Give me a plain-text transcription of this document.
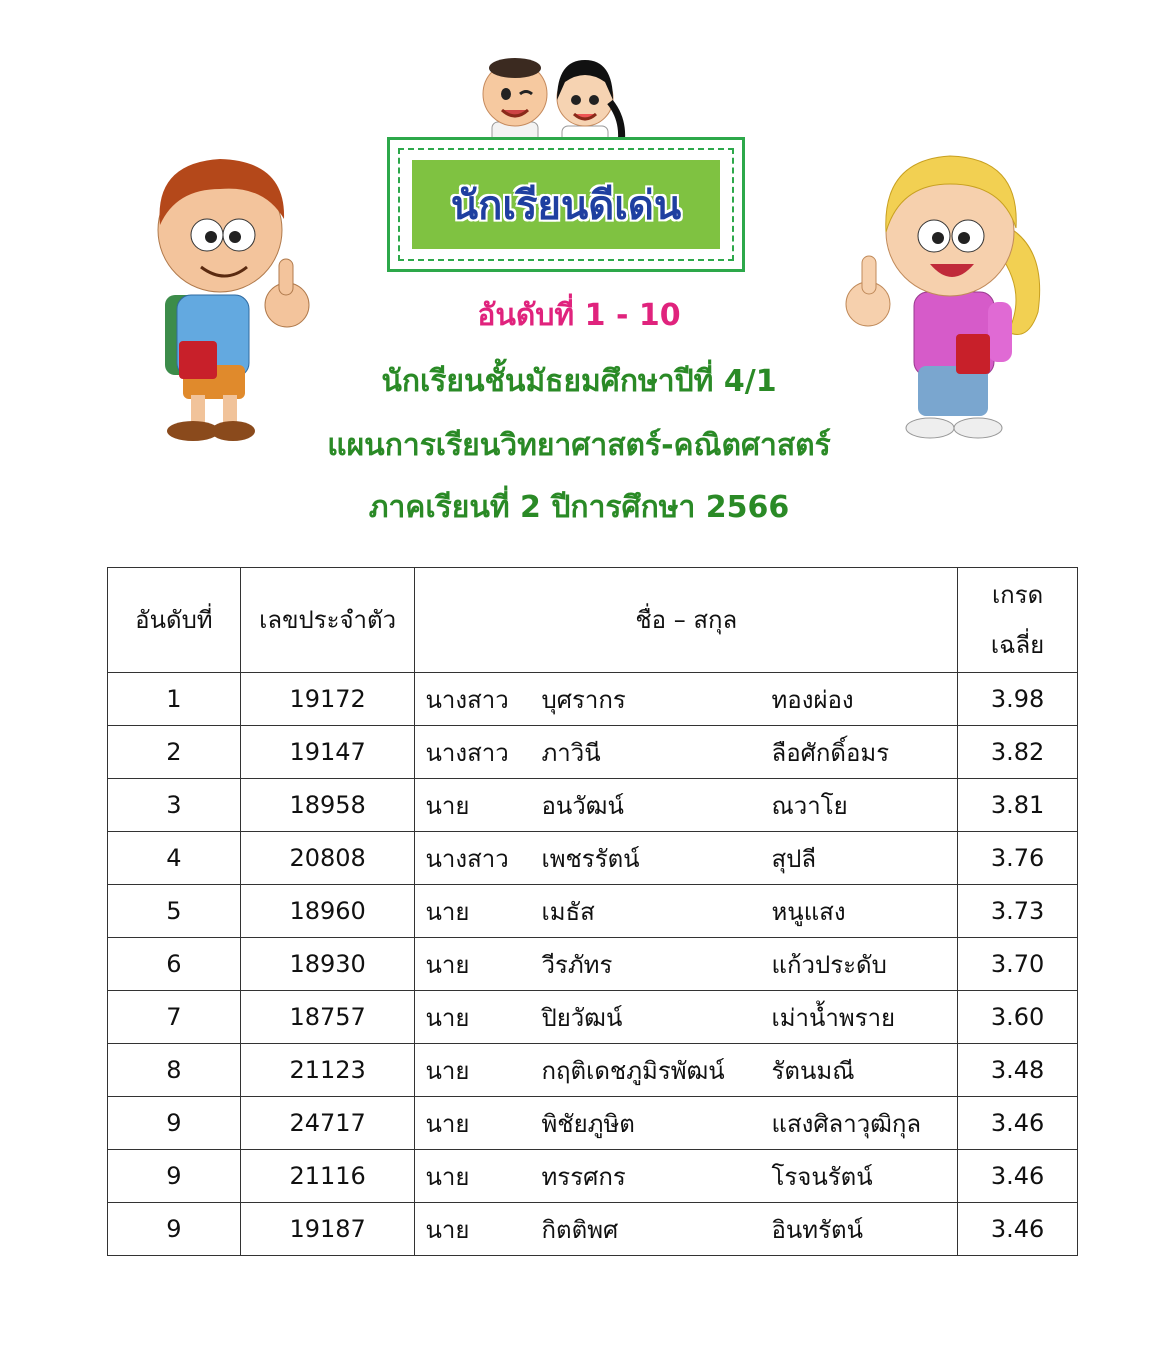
นักเรียนดีเด่น
อันดับที่ 1 - 10
นักเรียนชั้นมัธยมศึกษาปีที่ 4/1
แผนการเรียนวิทยาศาสตร์-คณิตศาสตร์
ภาคเรียนที่ 2 ปีการศึกษา 2566
อันดับที่	เลขประจำตัว	ชื่อ – สกุล	เกรด
เฉลี่ย

1	19172	นางสาว บุศรากร ทองผ่อง	3.98
2	19147	นางสาว ภาวินี ลือศักดิ์อมร	3.82
3	18958	นาย อนวัฒน์ ณวาโย	3.81
4	20808	นางสาว เพชรรัตน์ สุปลี	3.76
5	18960	นาย เมธัส หนูแสง	3.73
6	18930	นาย วีรภัทร แก้วประดับ	3.70
7	18757	นาย ปิยวัฒน์ เม่าน้ำพราย	3.60
8	21123	นาย กฤติเดชภูมิรพัฒน์ รัตนมณี	3.48
9	24717	นาย พิชัยภูษิต แสงศิลาวุฒิกุล	3.46
9	21116	นาย ทรรศกร โรจนรัตน์	3.46
9	19187	นาย กิตติพศ อินทรัตน์	3.46
